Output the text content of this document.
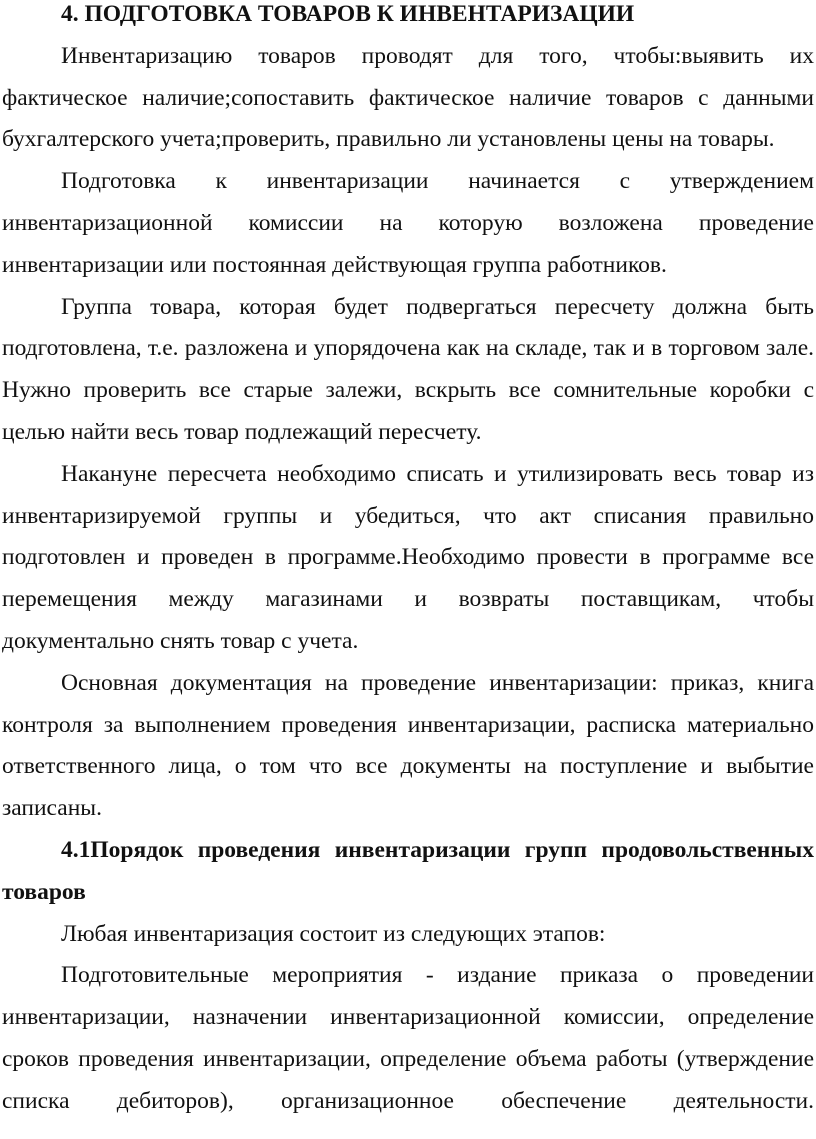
4. ПОДГОТОВКА ТОВАРОВ К ИНВЕНТАРИЗАЦИИ

Инвентаризацию товаров проводят для того, чтобы:выявить их фактическое наличие;сопоставить фактическое наличие товаров с данными бухгалтерского учета;проверить, правильно ли установлены цены на товары.

Подготовка к инвентаризации начинается с утверждением инвентаризационной комиссии на которую возложена проведение инвентаризации или постоянная действующая группа работников.

Группа товара, которая будет подвергаться пересчету должна быть подготовлена, т.е. разложена и упорядочена как на складе, так и в торговом зале. Нужно проверить все старые залежи, вскрыть все сомнительные коробки с целью найти весь товар подлежащий пересчету.

Накануне пересчета необходимо списать и утилизировать весь товар из инвентаризируемой группы и убедиться, что акт списания правильно подготовлен и проведен в программе.Необходимо провести в программе все перемещения между магазинами и возвраты поставщикам, чтобы документально снять товар с учета.

Основная документация на проведение инвентаризации: приказ, книга контроля за выполнением проведения инвентаризации, расписка материально ответственного лица, о том что все документы на поступление и выбытие записаны.

4.1Порядок проведения инвентаризации групп продовольственных товаров

Любая инвентаризация состоит из следующих этапов:

Подготовительные мероприятия - издание приказа о проведении инвентаризации, назначении инвентаризационной комиссии, определение сроков проведения инвентаризации, определение объема работы (утверждение списка дебиторов), организационное обеспечение деятельности.
